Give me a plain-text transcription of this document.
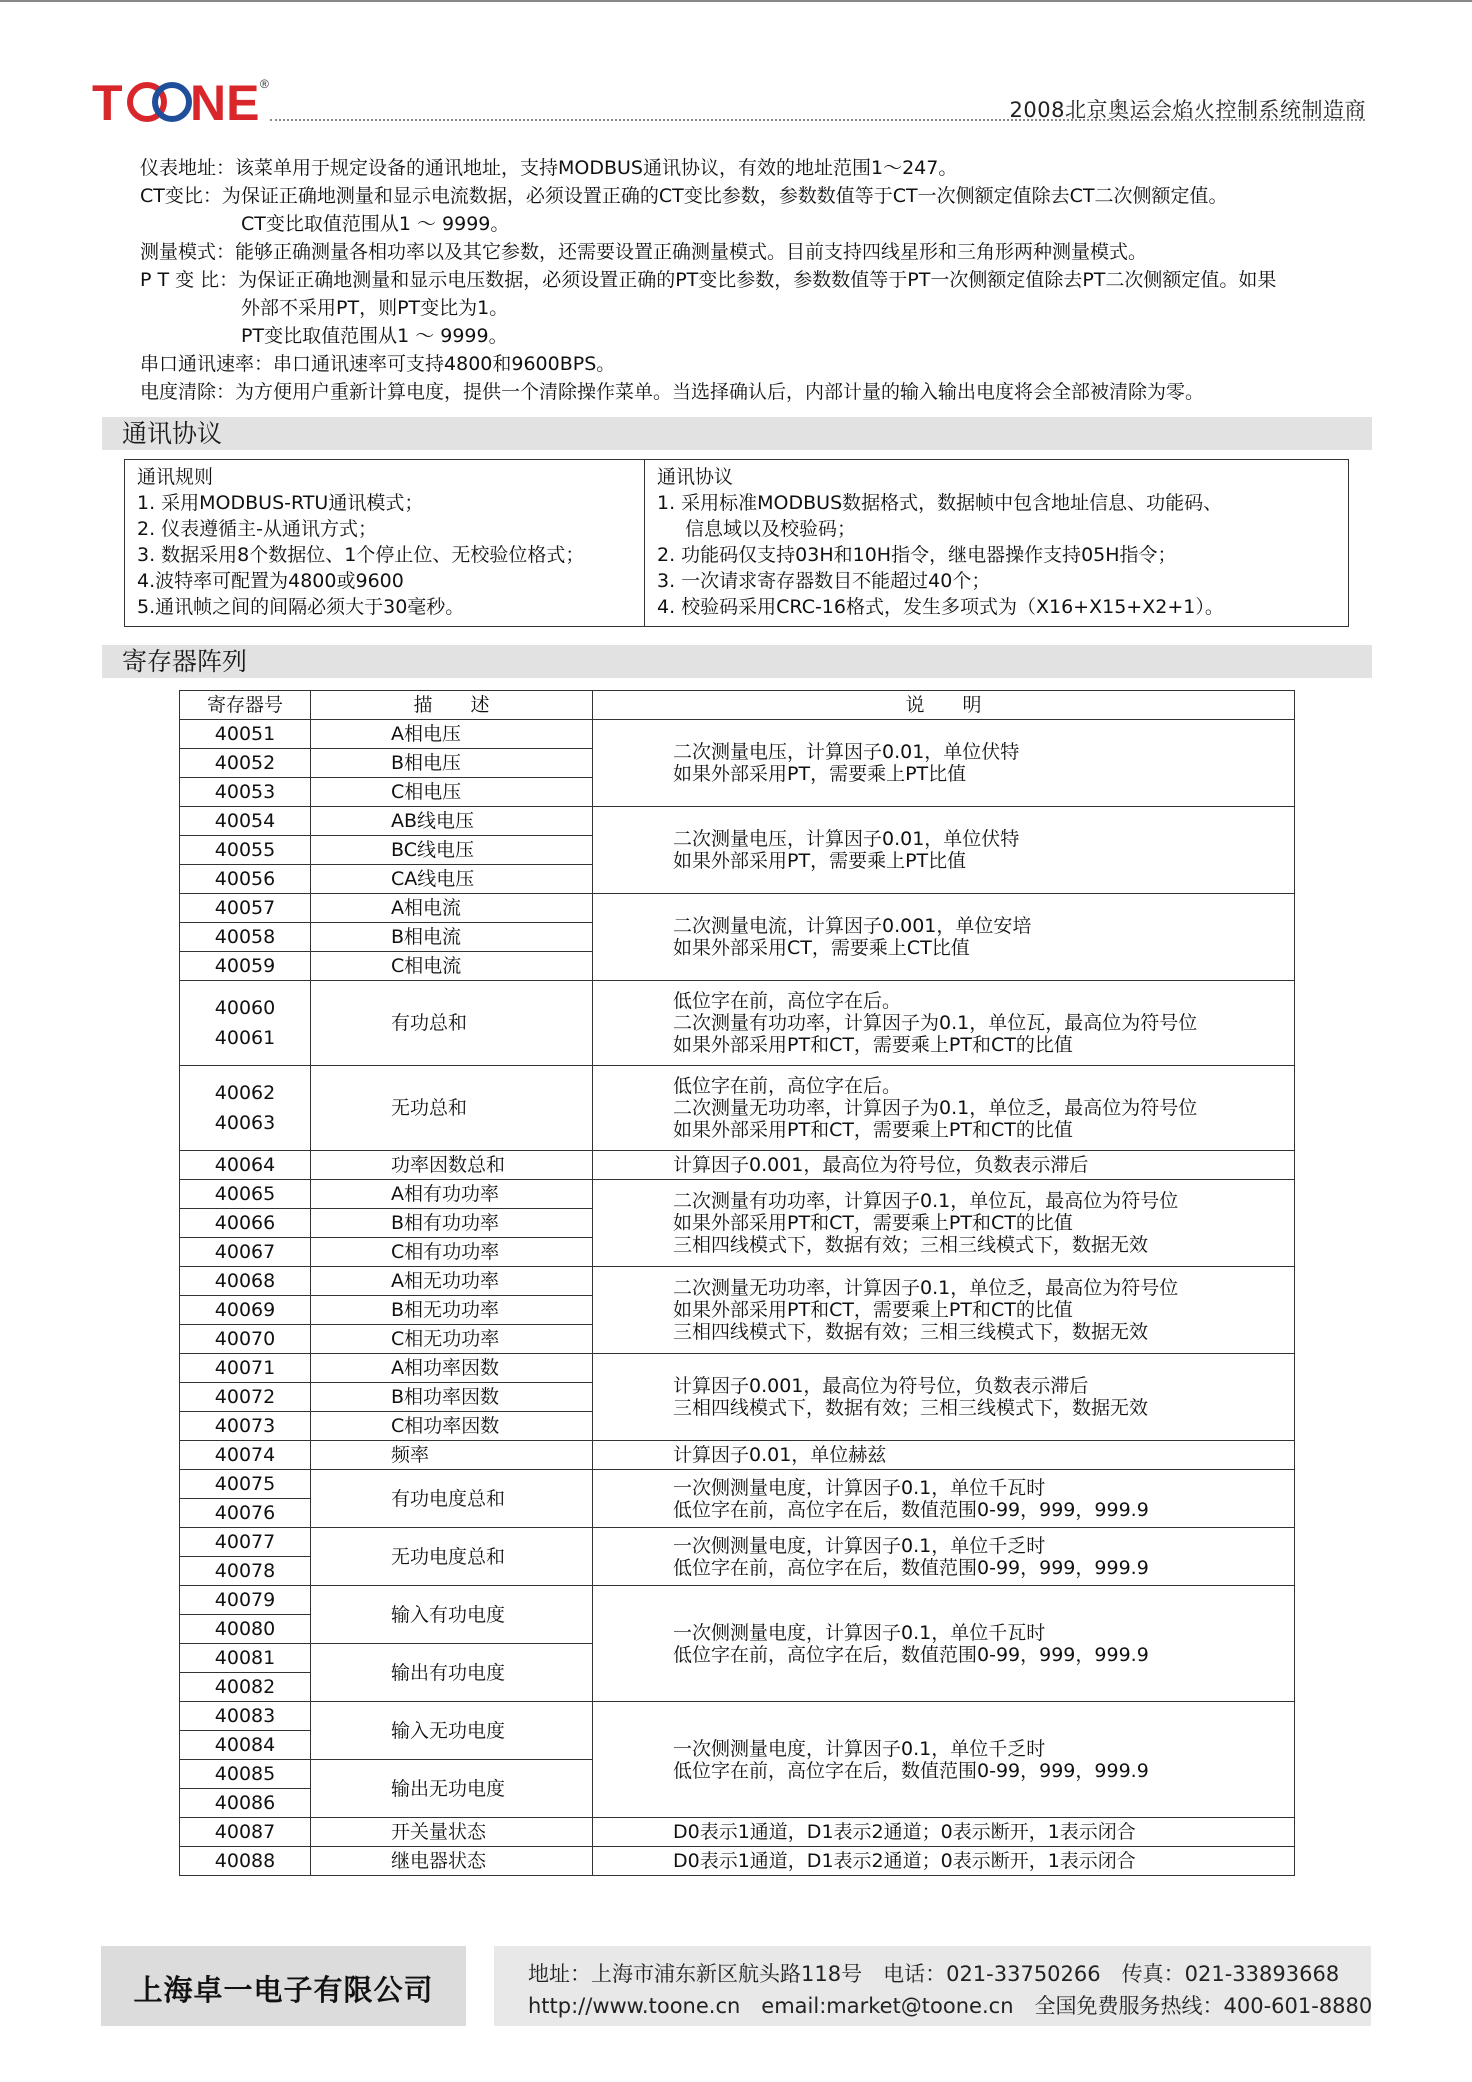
T NE ®
2008北京奥运会焰火控制系统制造商
仪表地址： 该菜单用于规定设备的通讯地址，支持MODBUS通讯协议，有效的地址范围1～247。
CT变比： 为保证正确地测量和显示电流数据，必须设置正确的CT变比参数，参数数值等于CT一次侧额定值除去CT二次侧额定值。
CT变比取值范围从1 ～ 9999。
测量模式： 能够正确测量各相功率以及其它参数，还需要设置正确测量模式。目前支持四线星形和三角形两种测量模式。
P T 变 比： 为保证正确地测量和显示电压数据，必须设置正确的PT变比参数，参数数值等于PT一次侧额定值除去PT二次侧额定值。如果
外部不采用PT，则PT变比为1。
PT变比取值范围从1 ～ 9999。
串口通讯速率： 串口通讯速率可支持4800和9600BPS。
电度清除： 为方便用户重新计算电度，提供一个清除操作菜单。当选择确认后，内部计量的输入输出电度将会全部被清除为零。
通讯协议
通讯规则
1. 采用MODBUS-RTU通讯模式；
2. 仪表遵循主-从通讯方式；
3. 数据采用8个数据位、1个停止位、无校验位格式；
4.波特率可配置为4800或9600
5.通讯帧之间的间隔必须大于30毫秒。
通讯协议
1. 采用标准MODBUS数据格式，数据帧中包含地址信息、功能码、
信息域以及校验码；
2. 功能码仅支持03H和10H指令，继电器操作支持05H指令；
3. 一次请求寄存器数目不能超过40个；
4. 校验码采用CRC-16格式，发生多项式为（X16+X15+X2+1）。
寄存器阵列
寄存器号	描　　述	说　　明
40051	A相电压	二次测量电压，计算因子0.01，单位伏特
如果外部采用PT，需要乘上PT比值

40052	B相电压	
40053	C相电压	
40054	AB线电压	二次测量电压，计算因子0.01，单位伏特
如果外部采用PT，需要乘上PT比值

40055	BC线电压	
40056	CA线电压	
40057	A相电流	二次测量电流，计算因子0.001，单位安培
如果外部采用CT，需要乘上CT比值

40058	B相电流	
40059	C相电流	

40060
40061	有功总和	低位字在前，高位字在后。
二次测量有功功率，计算因子为0.1，单位瓦，最高位为符号位
如果外部采用PT和CT，需要乘上PT和CT的比值

40062
40063	无功总和	低位字在前，高位字在后。
二次测量无功功率，计算因子为0.1，单位乏，最高位为符号位
如果外部采用PT和CT，需要乘上PT和CT的比值

40064	功率因数总和	计算因子0.001，最高位为符号位，负数表示滞后

40065	A相有功功率	二次测量有功功率，计算因子0.1，单位瓦，最高位为符号位
如果外部采用PT和CT，需要乘上PT和CT的比值
三相四线模式下，数据有效；三相三线模式下，数据无效

40066	B相有功功率	
40067	C相有功功率	
40068	A相无功功率	二次测量无功功率，计算因子0.1，单位乏，最高位为符号位
如果外部采用PT和CT，需要乘上PT和CT的比值
三相四线模式下，数据有效；三相三线模式下，数据无效

40069	B相无功功率	
40070	C相无功功率	
40071	A相功率因数	计算因子0.001，最高位为符号位，负数表示滞后
三相四线模式下，数据有效；三相三线模式下，数据无效

40072	B相功率因数	
40073	C相功率因数	
40074	频率	计算因子0.01，单位赫兹

40075	有功电度总和	一次侧测量电度，计算因子0.1，单位千瓦时
低位字在前，高位字在后，数值范围0-99，999，999.9

40076		
40077	无功电度总和	一次侧测量电度，计算因子0.1，单位千乏时
低位字在前，高位字在后，数值范围0-99，999，999.9

40078		
40079	输入有功电度	一次侧测量电度，计算因子0.1，单位千瓦时
低位字在前，高位字在后，数值范围0-99，999，999.9

40080		
40081	输出有功电度	
40082		
40083	输入无功电度	一次侧测量电度，计算因子0.1，单位千乏时
低位字在前，高位字在后，数值范围0-99，999，999.9

40084		
40085	输出无功电度	
40086		
40087	开关量状态	D0表示1通道，D1表示2通道；0表示断开，1表示闭合

40088	继电器状态	D0表示1通道，D1表示2通道；0表示断开，1表示闭合
上海卓一电子有限公司	地址：上海市浦东新区航头路118号　电话：021-33750266　传真：021-33893668
http://www.toone.cn　email:market@toone.cn　全国免费服务热线：400-601-8880
